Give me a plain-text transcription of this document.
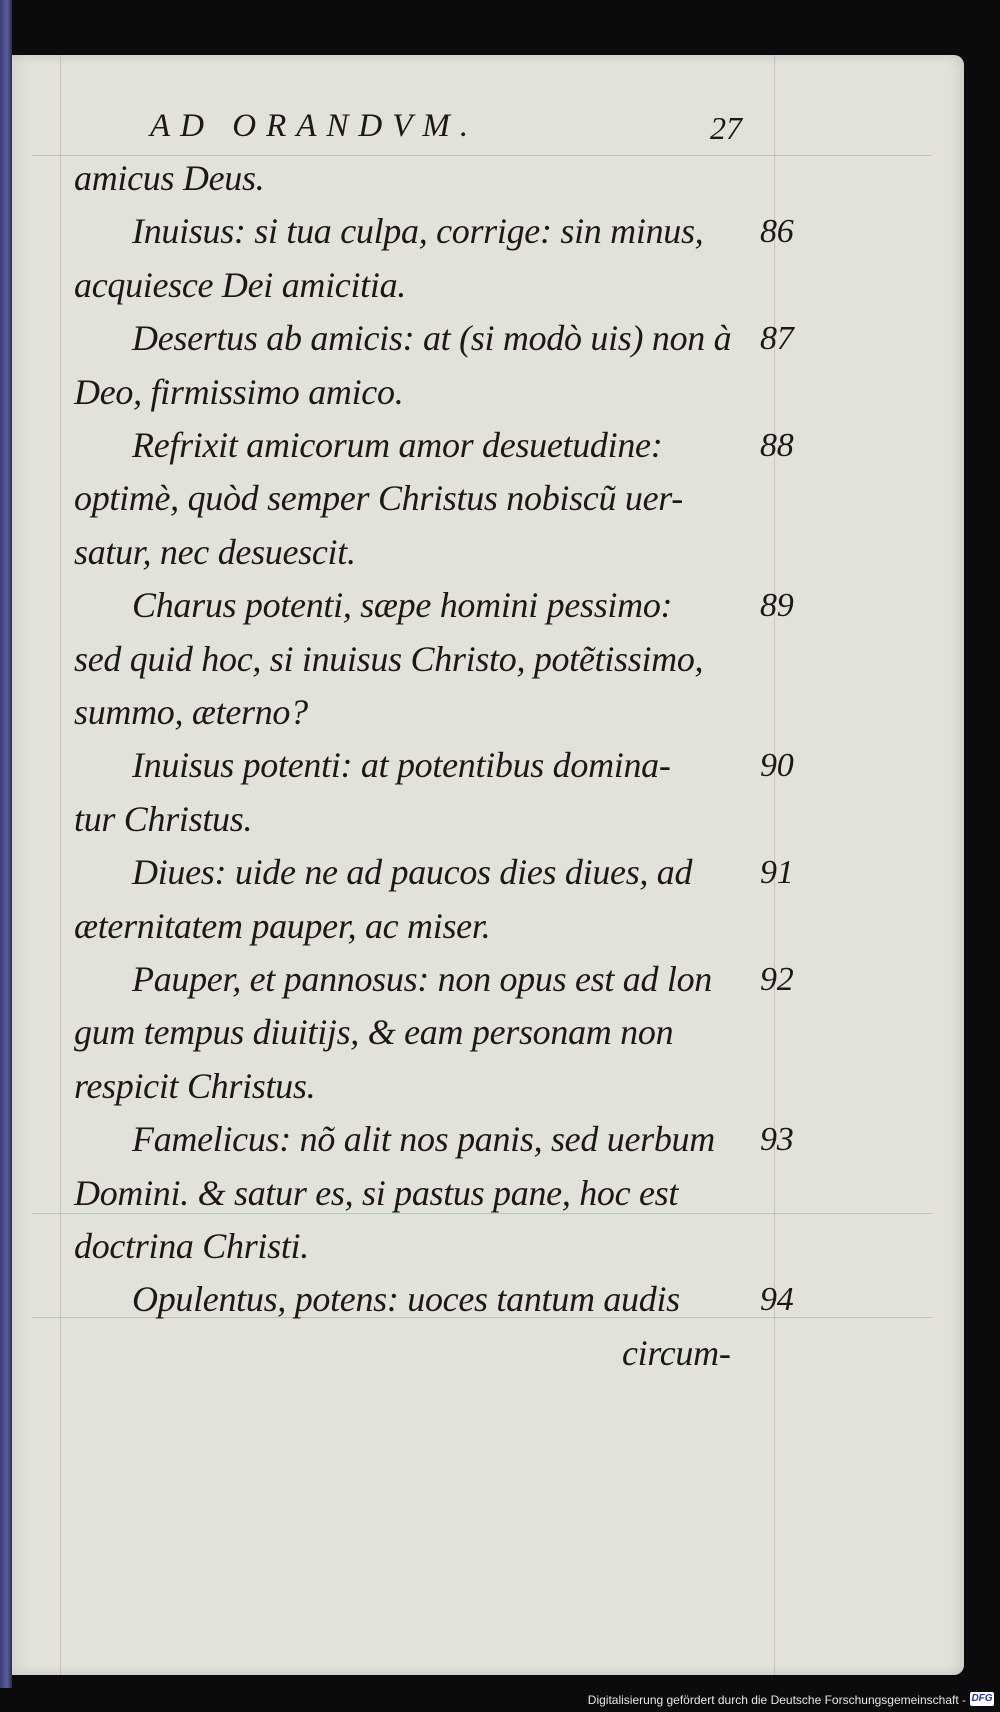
AD ORANDVM.	27
amicus Deus.
Inuisus: si tua culpa, corrige: sin minus, 86
acquiesce Dei amicitia.
Desertus ab amicis: at (si modò uis) non à 87
Deo, firmissimo amico.
Refrixit amicorum amor desuetudine:	88
optimè, quòd semper Christus nobiscũ uer-
satur, nec desuescit.
Charus potenti, sæpe homini pessimo:	89
sed quid hoc, si inuisus Christo, potẽtissimo,
summo, æterno?
Inuisus potenti: at potentibus domina-	90
tur Christus.
Diues: uide ne ad paucos dies diues, ad 91
æternitatem pauper, ac miser.
Pauper, et pannosus: non opus est ad lon 92
gum tempus diuitijs, & eam personam non
respicit Christus.
Famelicus: nõ alit nos panis, sed uerbum 93
Domini. & satur es, si pastus pane, hoc est
doctrina Christi.
Opulentus, potens: uoces tantum audis 94
circum-
Digitalisierung gefördert durch die Deutsche Forschungsgemeinschaft - DFG
